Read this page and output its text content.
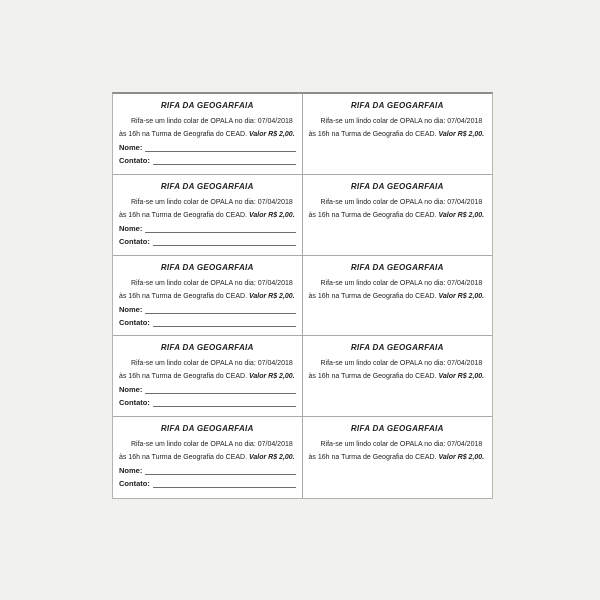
RIFA DA GEOGARFAIA
Rifa-se um lindo colar de OPALA no dia: 07/04/2018
às 16h na Turma de Geografia do CEAD. Valor R$ 2,00.
Nome:
Contato:
RIFA DA GEOGARFAIA
Rifa-se um lindo colar de OPALA no dia: 07/04/2018
às 16h na Turma de Geografia do CEAD. Valor R$ 2,00.
RIFA DA GEOGARFAIA
Rifa-se um lindo colar de OPALA no dia: 07/04/2018
às 16h na Turma de Geografia do CEAD. Valor R$ 2,00.
Nome:
Contato:
RIFA DA GEOGARFAIA
Rifa-se um lindo colar de OPALA no dia: 07/04/2018
às 16h na Turma de Geografia do CEAD. Valor R$ 2,00.
RIFA DA GEOGARFAIA
Rifa-se um lindo colar de OPALA no dia: 07/04/2018
às 16h na Turma de Geografia do CEAD. Valor R$ 2,00.
Nome:
Contato:
RIFA DA GEOGARFAIA
Rifa-se um lindo colar de OPALA no dia: 07/04/2018
às 16h na Turma de Geografia do CEAD. Valor R$ 2,00.
RIFA DA GEOGARFAIA
Rifa-se um lindo colar de OPALA no dia: 07/04/2018
às 16h na Turma de Geografia do CEAD. Valor R$ 2,00.
Nome:
Contato:
RIFA DA GEOGARFAIA
Rifa-se um lindo colar de OPALA no dia: 07/04/2018
às 16h na Turma de Geografia do CEAD. Valor R$ 2,00.
RIFA DA GEOGARFAIA
Rifa-se um lindo colar de OPALA no dia: 07/04/2018
às 16h na Turma de Geografia do CEAD. Valor R$ 2,00.
Nome:
Contato:
RIFA DA GEOGARFAIA
Rifa-se um lindo colar de OPALA no dia: 07/04/2018
às 16h na Turma de Geografia do CEAD. Valor R$ 2,00.
